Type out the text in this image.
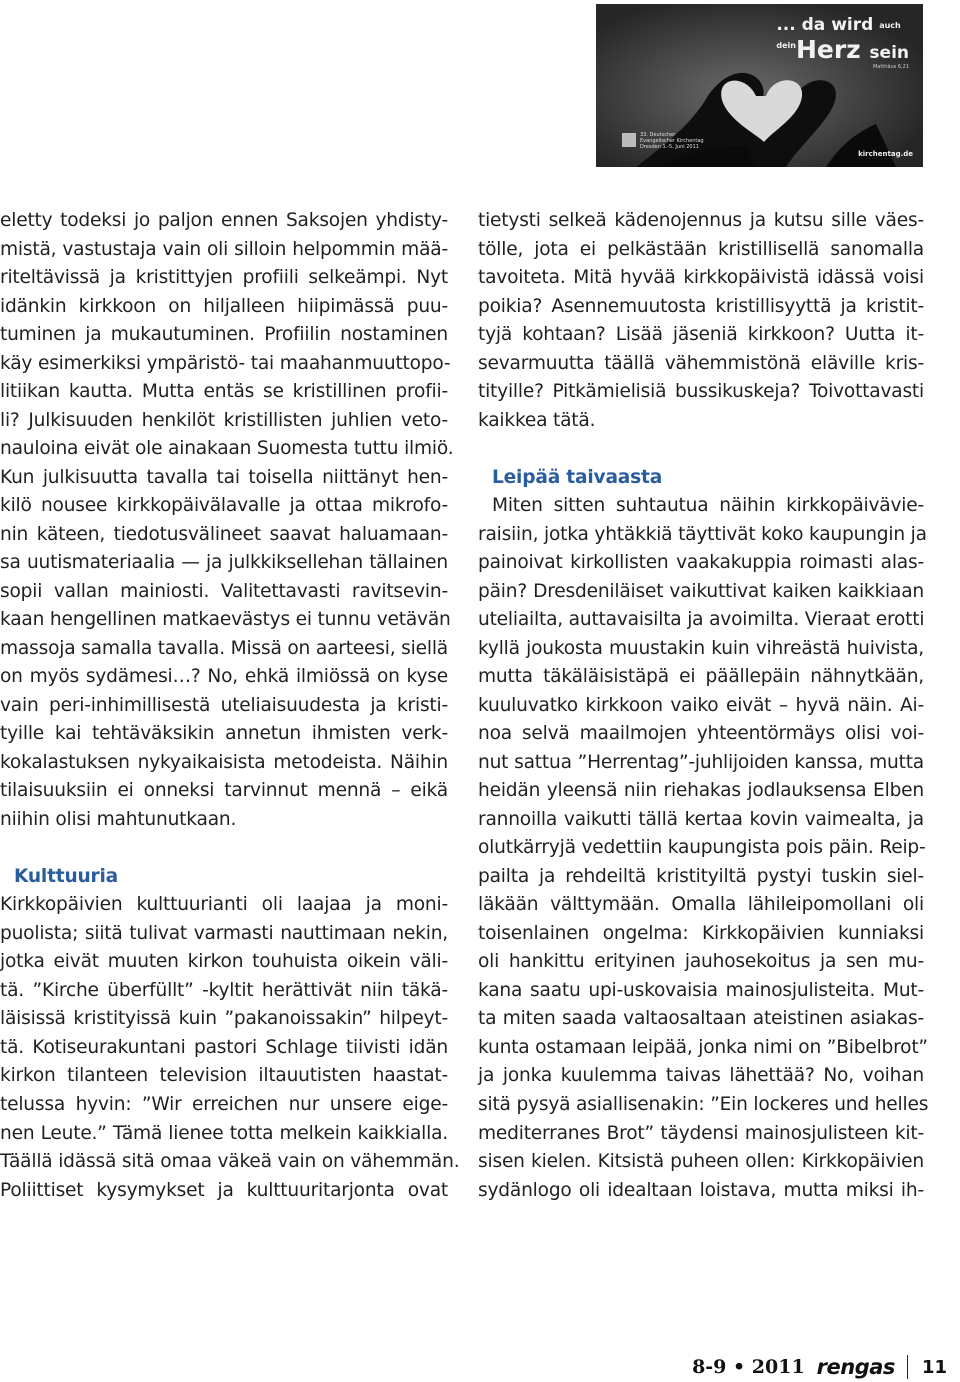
... da wird auch
$^{dein}$Herz sein
Matthäus 6,21
33. Deutscher
Evangelischer Kirchentag
Dresden 1.-5. Juni 2011
kirchentag.de
eletty todeksi jo paljon ennen Saksojen yhdisty-
mistä, vastustaja vain oli silloin helpommin mää-
riteltävissä ja kristittyjen profiili selkeämpi. Nyt
idänkin kirkkoon on hiljalleen hiipimässä puu-
tuminen ja mukautuminen. Profiilin nostaminen
käy esimerkiksi ympäristö- tai maahanmuuttopo-
litiikan kautta. Mutta entäs se kristillinen profii-
li? Julkisuuden henkilöt kristillisten juhlien veto-
nauloina eivät ole ainakaan Suomesta tuttu ilmiö.
Kun julkisuutta tavalla tai toisella niittänyt hen-
kilö nousee kirkkopäivälavalle ja ottaa mikrofo-
nin käteen, tiedotusvälineet saavat haluamaan-
sa uutismateriaalia — ja julkkiksellehan tällainen
sopii vallan mainiosti. Valitettavasti ravitsevin-
kaan hengellinen matkaevästys ei tunnu vetävän
massoja samalla tavalla. Missä on aarteesi, siellä
on myös sydämesi…? No, ehkä ilmiössä on kyse
vain peri-inhimillisestä uteliaisuudesta ja kristi-
tyille kai tehtäväksikin annetun ihmisten verk-
kokalastuksen nykyaikaisista metodeista. Näihin
tilaisuuksiin ei onneksi tarvinnut mennä – eikä
niihin olisi mahtunutkaan.
Kulttuuria
Kirkkopäivien kulttuurianti oli laajaa ja moni-
puolista; siitä tulivat varmasti nauttimaan nekin,
jotka eivät muuten kirkon touhuista oikein väli-
tä. ”Kirche überfüllt” -kyltit herättivät niin täkä-
läisissä kristityissä kuin ”pakanoissakin” hilpeyt-
tä. Kotiseurakuntani pastori Schlage tiivisti idän
kirkon tilanteen television iltauutisten haastat-
telussa hyvin: ”Wir erreichen nur unsere eige-
nen Leute.” Tämä lienee totta melkein kaikkialla.
Täällä idässä sitä omaa väkeä vain on vähemmän.
Poliittiset kysymykset ja kulttuuritarjonta ovat
tietysti selkeä kädenojennus ja kutsu sille väes-
tölle, jota ei pelkästään kristillisellä sanomalla
tavoiteta. Mitä hyvää kirkkopäivistä idässä voisi
poikia? Asennemuutosta kristillisyyttä ja kristit-
tyjä kohtaan? Lisää jäseniä kirkkoon? Uutta it-
sevarmuutta täällä vähemmistönä eläville kris-
tityille? Pitkämielisiä bussikuskeja? Toivottavasti
kaikkea tätä.
Leipää taivaasta
Miten sitten suhtautua näihin kirkkopäivävie-
raisiin, jotka yhtäkkiä täyttivät koko kaupungin ja
painoivat kirkollisten vaakakuppia roimasti alas-
päin? Dresdeniläiset vaikuttivat kaiken kaikkiaan
uteliailta, auttavaisilta ja avoimilta. Vieraat erotti
kyllä joukosta muustakin kuin vihreästä huivista,
mutta täkäläisistäpä ei päällepäin nähnytkään,
kuuluvatko kirkkoon vaiko eivät – hyvä näin. Ai-
noa selvä maailmojen yhteentörmäys olisi voi-
nut sattua ”Herrentag”-juhlijoiden kanssa, mutta
heidän yleensä niin riehakas jodlauksensa Elben
rannoilla vaikutti tällä kertaa kovin vaimealta, ja
olutkärryjä vedettiin kaupungista pois päin. Reip-
pailta ja rehdeiltä kristityiltä pystyi tuskin siel-
läkään välttymään. Omalla lähileipomollani oli
toisenlainen ongelma: Kirkkopäivien kunniaksi
oli hankittu erityinen jauhosekoitus ja sen mu-
kana saatu upi-uskovaisia mainosjulisteita. Mut-
ta miten saada valtaosaltaan ateistinen asiakas-
kunta ostamaan leipää, jonka nimi on ”Bibelbrot”
ja jonka kuulemma taivas lähettää? No, voihan
sitä pysyä asiallisenakin: ”Ein lockeres und helles
mediterranes Brot” täydensi mainosjulisteen kit-
sisen kielen. Kitsistä puheen ollen: Kirkkopäivien
sydänlogo oli idealtaan loistava, mutta miksi ih-
8-9 • 2011 rengas 11
